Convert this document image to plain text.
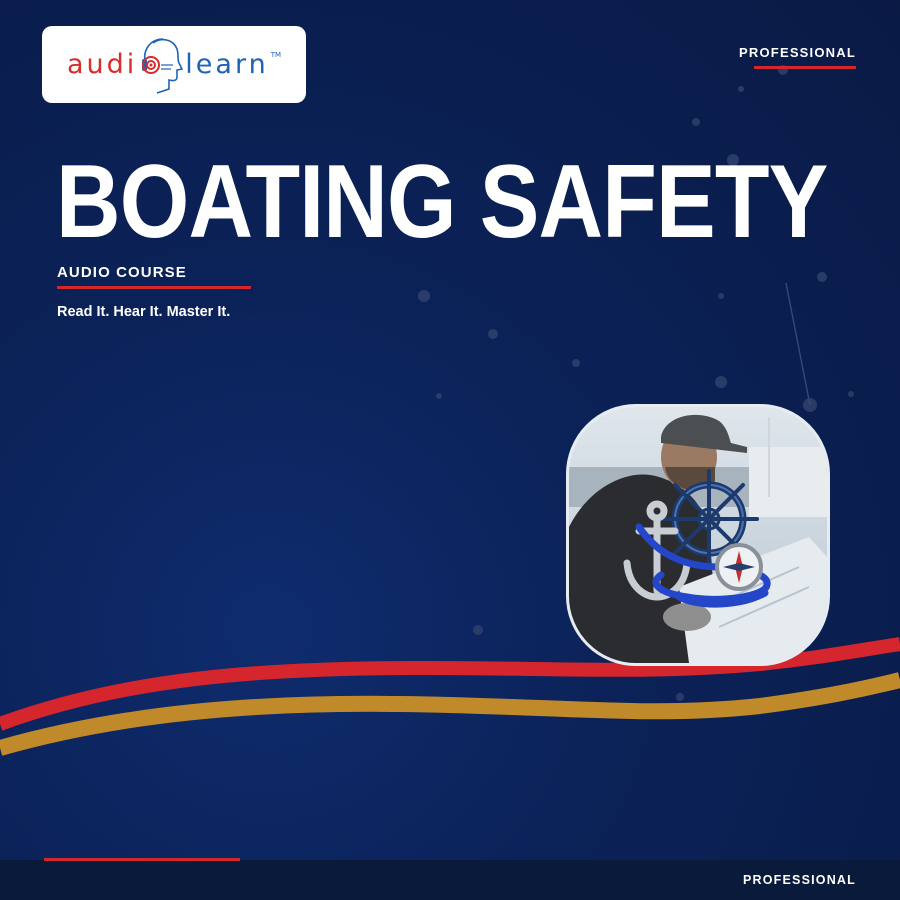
audi learn TM	PROFESSIONAL
BOATING SAFETY
AUDIO COURSE
Read It. Hear It. Master It.
PROFESSIONAL
